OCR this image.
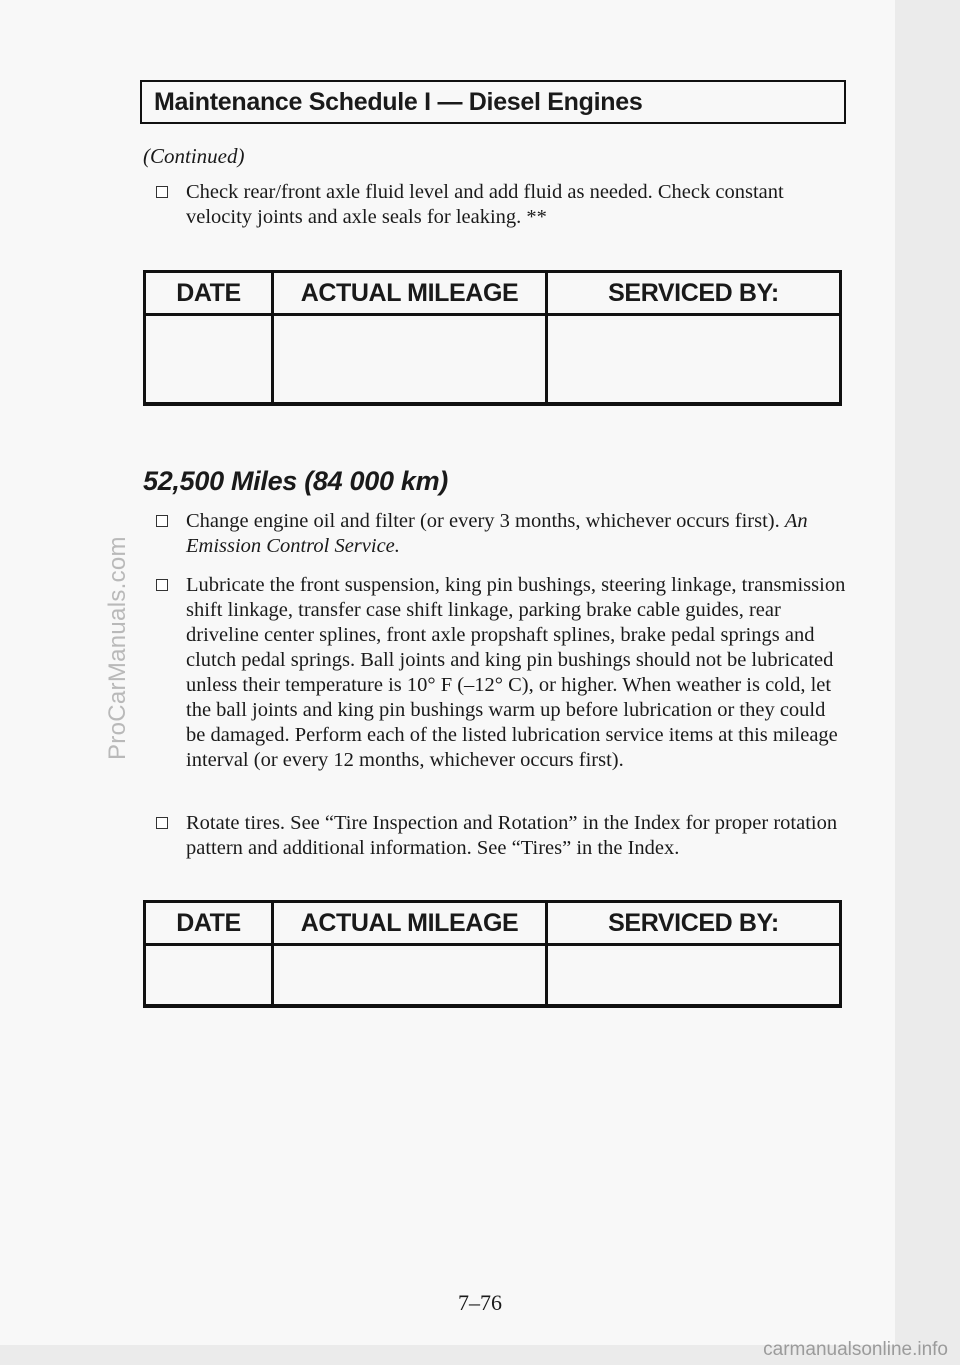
Maintenance Schedule I — Diesel Engines
(Continued)
Check rear/front axle fluid level and add fluid as needed. Check constant velocity joints and axle seals for leaking. **
DATE	ACTUAL MILEAGE	SERVICED BY:

52,500 Miles (84 000 km)
Change engine oil and filter (or every 3 months, whichever occurs first). An Emission Control Service.
Lubricate the front suspension, king pin bushings, steering linkage, transmission shift linkage, transfer case shift linkage, parking brake cable guides, rear driveline center splines, front axle propshaft splines, brake pedal springs and clutch pedal springs. Ball joints and king pin bushings should not be lubricated unless their temperature is 10° F (–12° C), or higher. When weather is cold, let the ball joints and king pin bushings warm up before lubrication or they could be damaged. Perform each of the listed lubrication service items at this mileage interval (or every 12 months, whichever occurs first).
Rotate tires. See “Tire Inspection and Rotation” in the Index for proper rotation pattern and additional information. See “Tires” in the Index.
DATE	ACTUAL MILEAGE	SERVICED BY:

7–76
ProCarManuals.com
carmanualsonline.info
